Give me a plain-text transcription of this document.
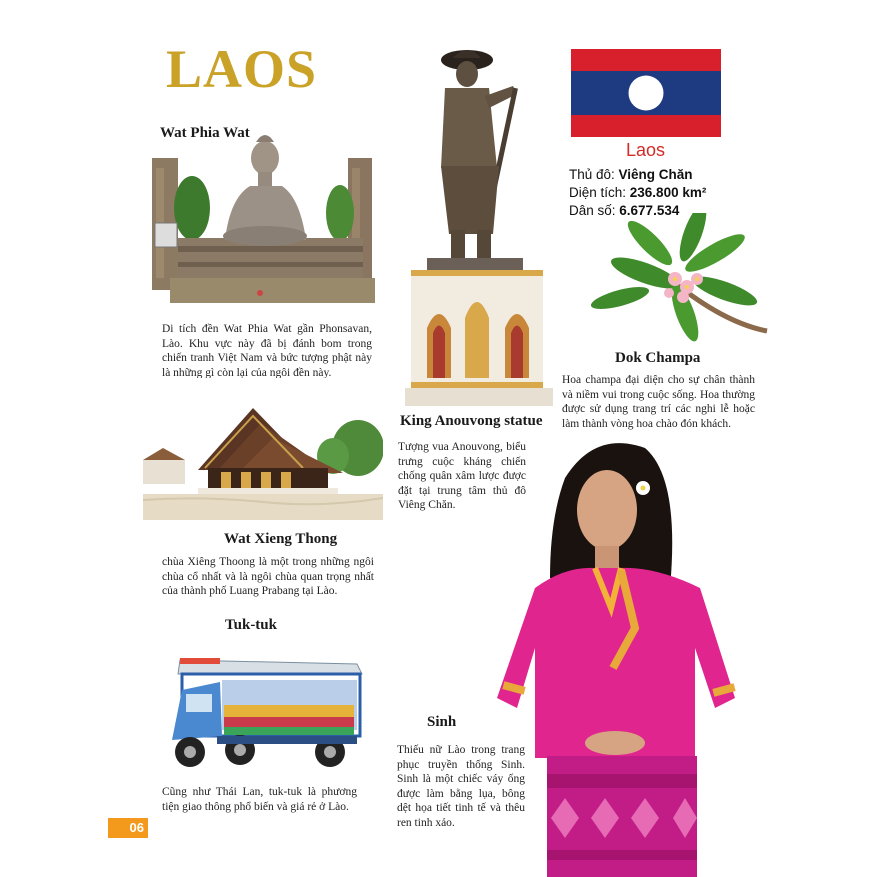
LAOS
Wat Phia Wat
Di tích đền Wat Phia Wat gần Phonsavan, Lào. Khu vực này đã bị đánh bom trong chiến tranh Việt Nam và bức tượng phật này là những gì còn lại của ngôi đền này.
Wat Xieng Thong
chùa Xiêng Thoong là một trong những ngôi chùa cổ nhất và là ngôi chùa quan trọng nhất của thành phố Luang Prabang tại Lào.
Tuk-tuk
Cũng như Thái Lan, tuk-tuk là phương tiện giao thông phổ biến và giá rẻ ở Lào.
King Anouvong statue
Tượng vua Anouvong, biểu trưng cuộc kháng chiến chống quân xâm lược được đặt tại trung tâm thủ đô Viêng Chăn.
Laos
Thủ đô: Viêng Chăn
Diện tích: 236.800 km²
Dân số: 6.677.534
Dok Champa
Hoa champa đại diện cho sự chân thành và niềm vui trong cuộc sống. Hoa thường được sử dụng trang trí các nghi lễ hoặc làm thành vòng hoa chào đón khách.
Sinh
Thiếu nữ Lào trong trang phục truyền thống Sinh. Sinh là một chiếc váy ống được làm bằng lụa, bông dệt họa tiết tinh tế và thêu ren tinh xảo.
06
